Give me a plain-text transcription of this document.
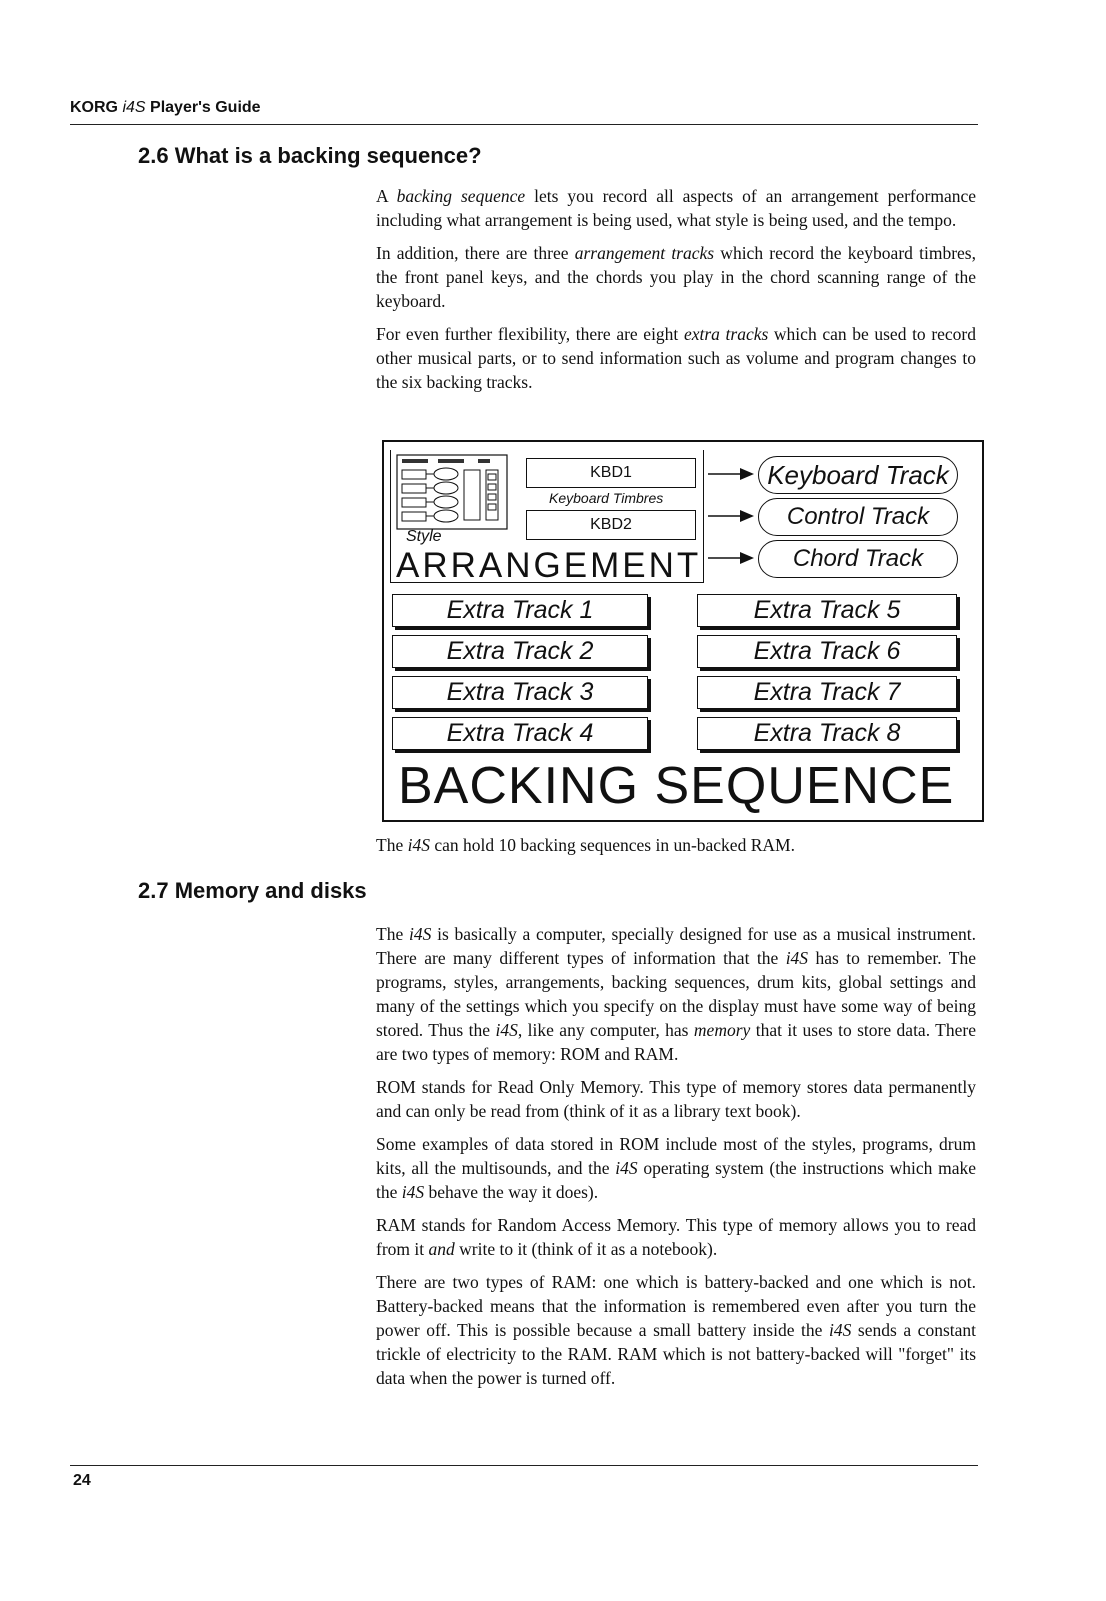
KORG i4S Player's Guide
2.6 What is a backing sequence?

A backing sequence lets you record all aspects of an arrangement performance including what arrangement is being used, what style is being used, and the tempo.

In addition, there are three arrangement tracks which record the keyboard timbres, the front panel keys, and the chords you play in the chord scanning range of the keyboard.

For even further flexibility, there are eight extra tracks which can be used to record other musical parts, or to send information such as volume and program changes to the six backing tracks.

Style
KBD1
Keyboard Timbres
KBD2
ARRANGEMENT
Keyboard Track
Control Track
Chord Track
Extra Track 1
Extra Track 2
Extra Track 3
Extra Track 4
Extra Track 5
Extra Track 6
Extra Track 7
Extra Track 8
BACKING SEQUENCE
The i4S can hold 10 backing sequences in un-backed RAM.
2.7 Memory and disks

The i4S is basically a computer, specially designed for use as a musical instrument. There are many different types of information that the i4S has to remember. The programs, styles, arrangements, backing sequences, drum kits, global settings and many of the settings which you specify on the display must have some way of being stored. Thus the i4S, like any computer, has memory that it uses to store data. There are two types of memory: ROM and RAM.

ROM stands for Read Only Memory. This type of memory stores data permanently and can only be read from (think of it as a library text book).

Some examples of data stored in ROM include most of the styles, programs, drum kits, all the multisounds, and the i4S operating system (the instructions which make the i4S behave the way it does).

RAM stands for Random Access Memory. This type of memory allows you to read from it and write to it (think of it as a notebook).

There are two types of RAM: one which is battery-backed and one which is not. Battery-backed means that the information is remembered even after you turn the power off. This is possible because a small battery inside the i4S sends a constant trickle of electricity to the RAM. RAM which is not battery-backed will "forget" its data when the power is turned off.

24
